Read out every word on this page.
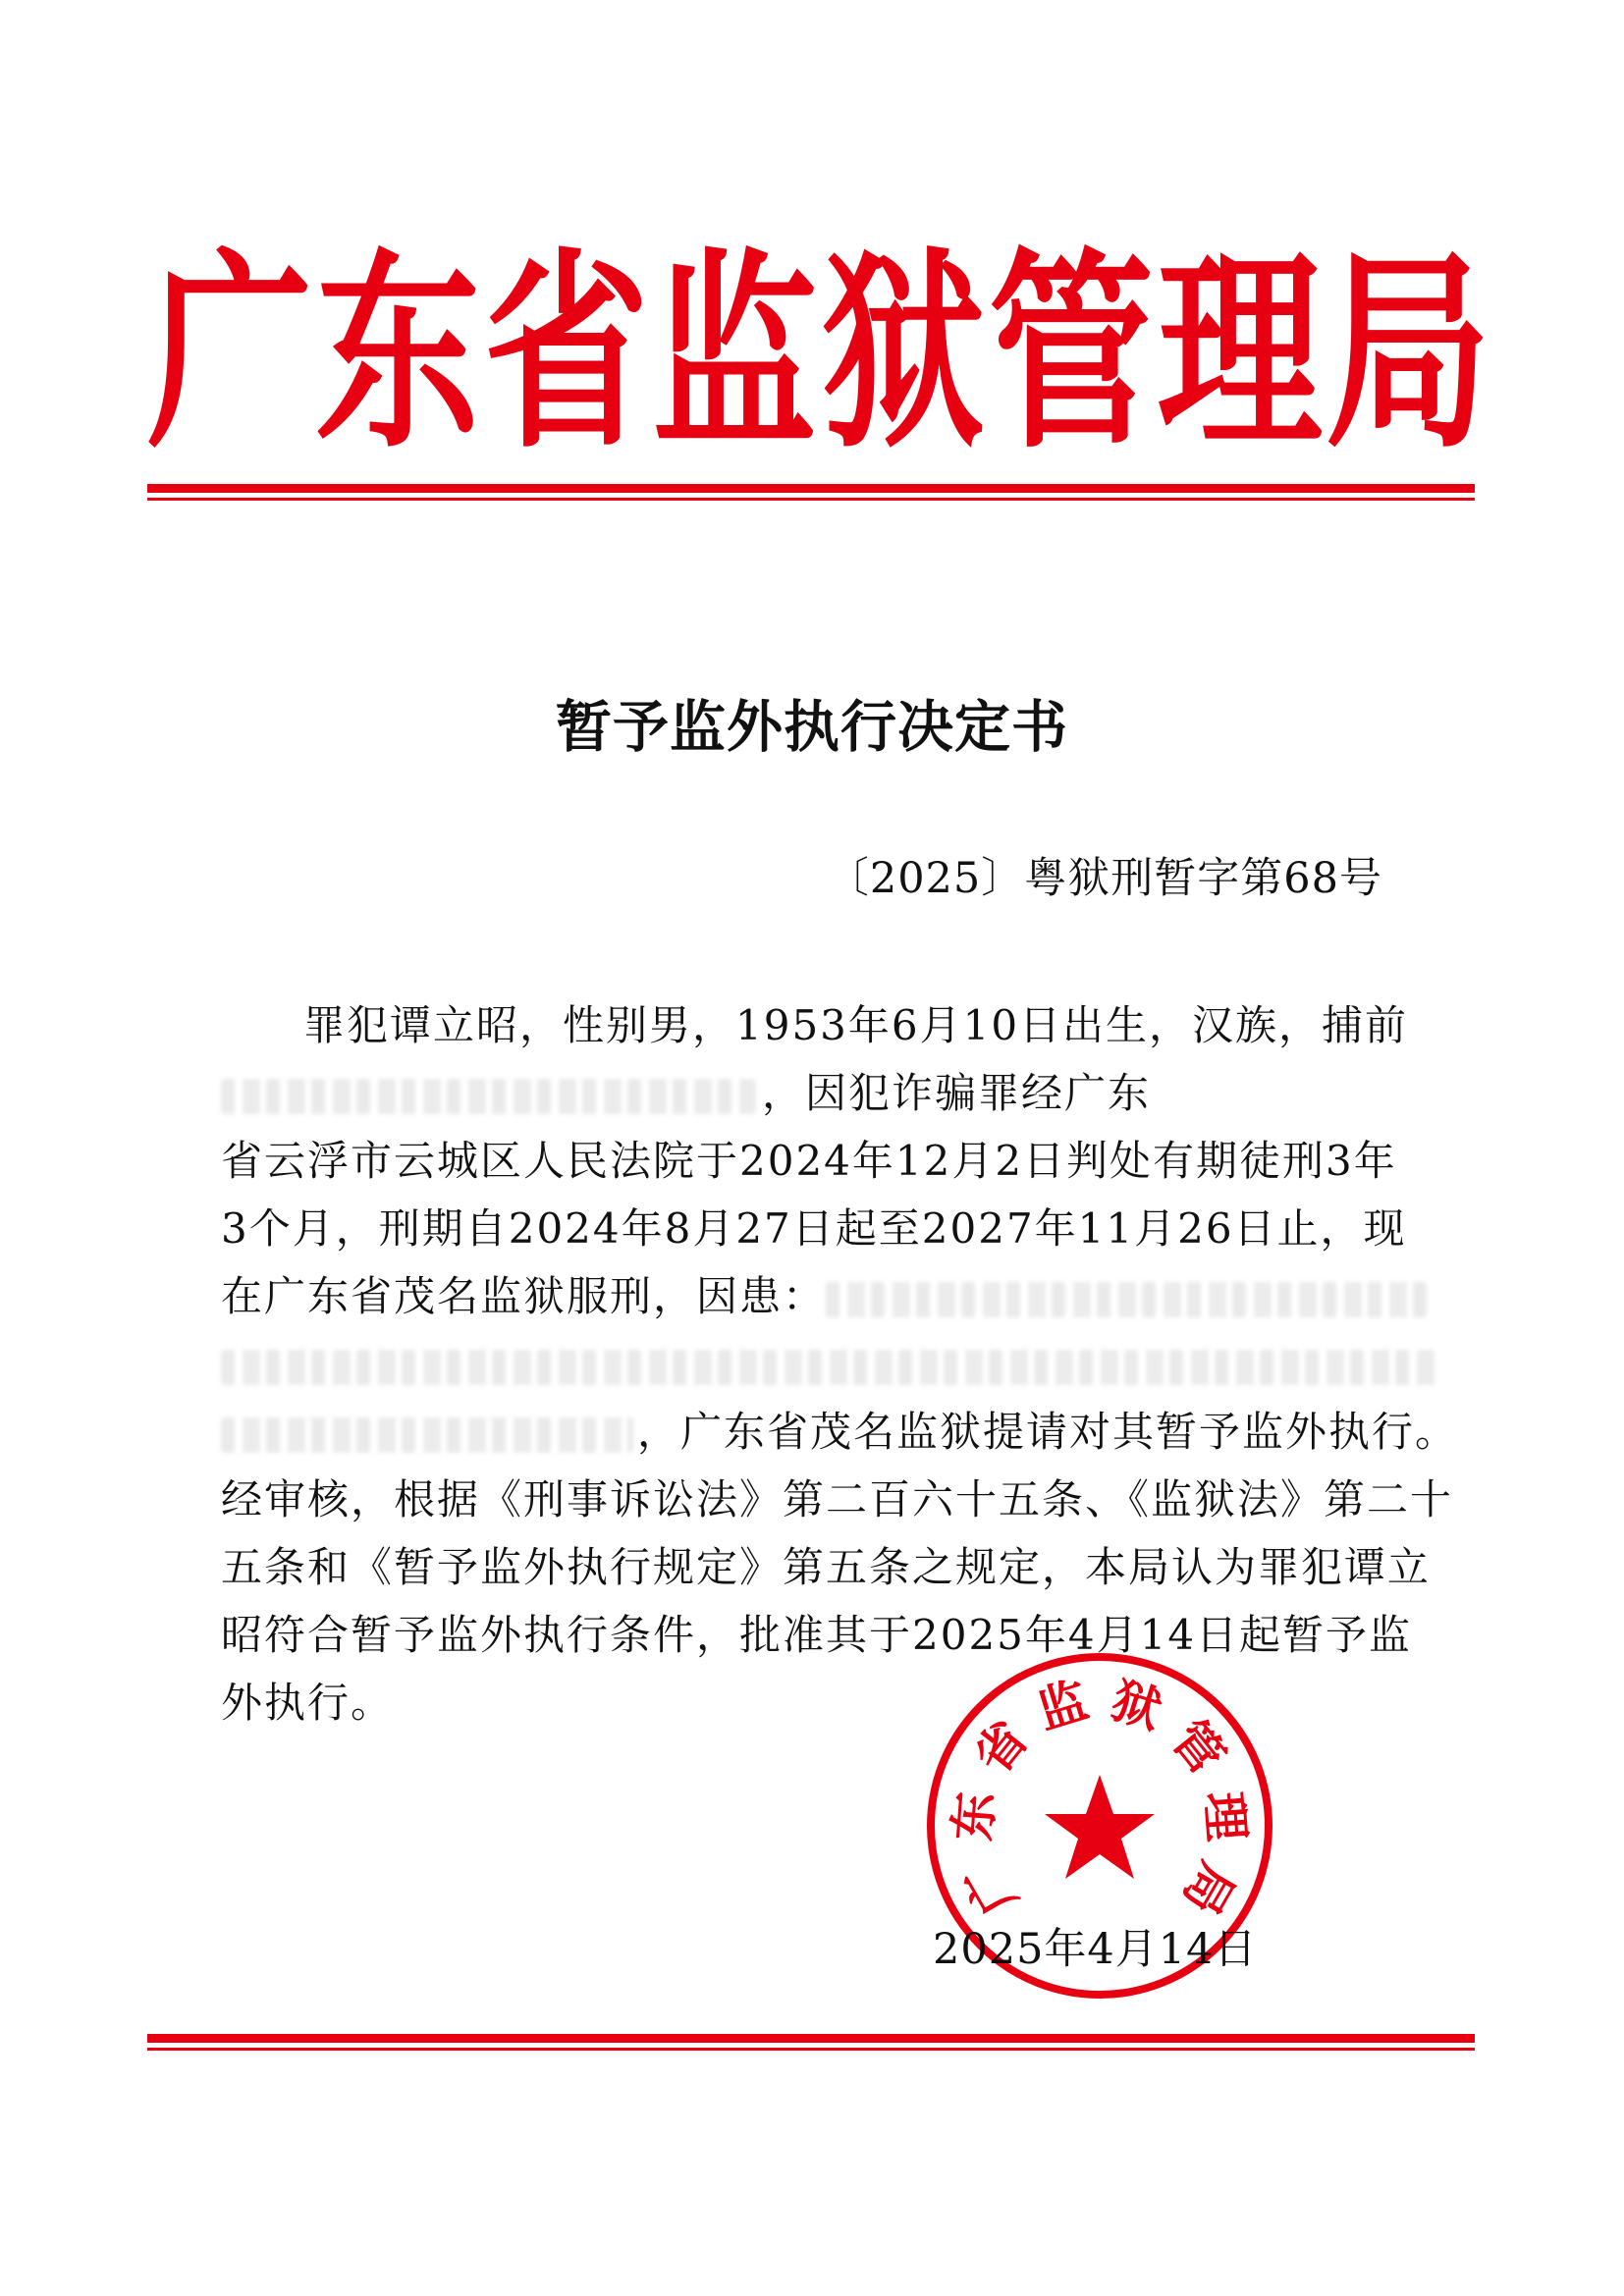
广 东 省 监 狱 管 理 局
暂予监外执行决定书
〔2025〕粤狱刑暂字第68号
罪犯谭立昭，性别男，1953年6月10日出生，汉族，捕前
，因犯诈骗罪经广东
省云浮市云城区人民法院于2024年12月2日判处有期徒刑3年
3个月，刑期自2024年8月27日起至2027年11月26日止，现
在广东省茂名监狱服刑，因患：
，广东省茂名监狱提请对其暂予监外执行。
经审核，根据《刑事诉讼法》第二百六十五条、《监狱法》第二十
五条和《暂予监外执行规定》第五条之规定，本局认为罪犯谭立
昭符合暂予监外执行条件，批准其于2025年4月14日起暂予监
外执行。
2025年4月14日
广
东
省
监 狱
管
理
局
